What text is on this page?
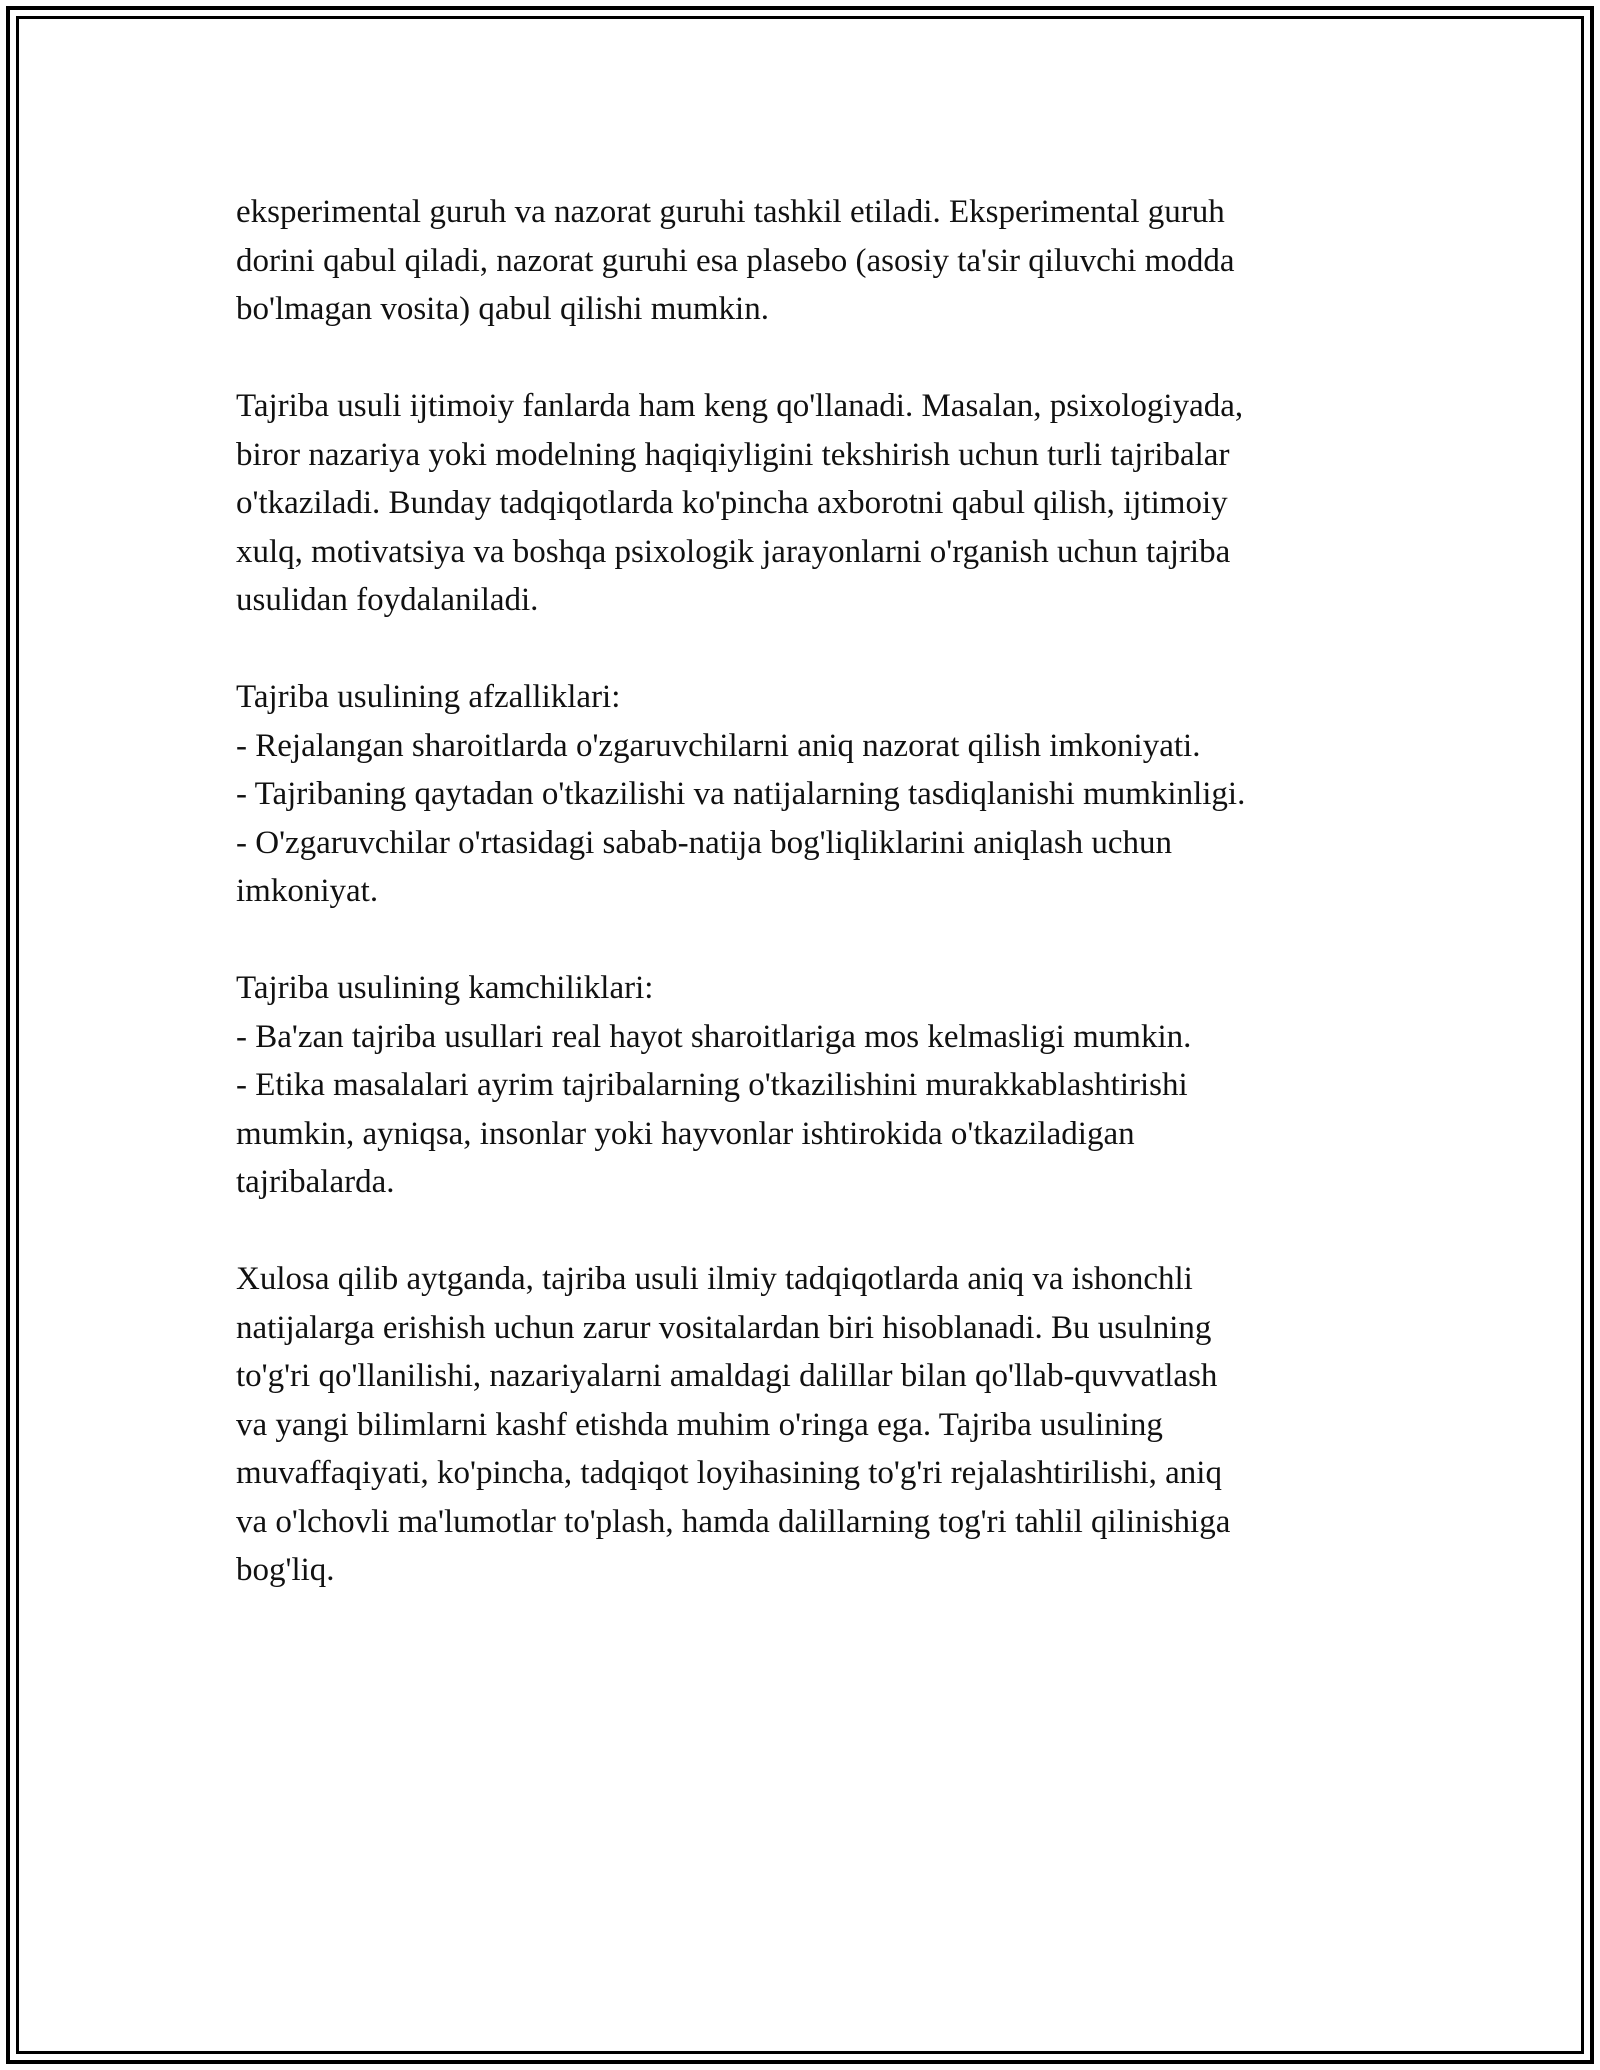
eksperimental guruh va nazorat guruhi tashkil etiladi. Eksperimental guruh
dorini qabul qiladi, nazorat guruhi esa plasebo (asosiy ta'sir qiluvchi modda
bo'lmagan vosita) qabul qilishi mumkin.

Tajriba usuli ijtimoiy fanlarda ham keng qo'llanadi. Masalan, psixologiyada,
biror nazariya yoki modelning haqiqiyligini tekshirish uchun turli tajribalar
o'tkaziladi. Bunday tadqiqotlarda ko'pincha axborotni qabul qilish, ijtimoiy
xulq, motivatsiya va boshqa psixologik jarayonlarni o'rganish uchun tajriba
usulidan foydalaniladi.

Tajriba usulining afzalliklari:
- Rejalangan sharoitlarda o'zgaruvchilarni aniq nazorat qilish imkoniyati.
- Tajribaning qaytadan o'tkazilishi va natijalarning tasdiqlanishi mumkinligi.
- O'zgaruvchilar o'rtasidagi sabab-natija bog'liqliklarini aniqlash uchun
imkoniyat.

Tajriba usulining kamchiliklari:
- Ba'zan tajriba usullari real hayot sharoitlariga mos kelmasligi mumkin.
- Etika masalalari ayrim tajribalarning o'tkazilishini murakkablashtirishi
mumkin, ayniqsa, insonlar yoki hayvonlar ishtirokida o'tkaziladigan
tajribalarda.

Xulosa qilib aytganda, tajriba usuli ilmiy tadqiqotlarda aniq va ishonchli
natijalarga erishish uchun zarur vositalardan biri hisoblanadi. Bu usulning
to'g'ri qo'llanilishi, nazariyalarni amaldagi dalillar bilan qo'llab-quvvatlash
va yangi bilimlarni kashf etishda muhim o'ringa ega. Tajriba usulining
muvaffaqiyati, ko'pincha, tadqiqot loyihasining to'g'ri rejalashtirilishi, aniq
va o'lchovli ma'lumotlar to'plash, hamda dalillarning tog'ri tahlil qilinishiga
bog'liq.
